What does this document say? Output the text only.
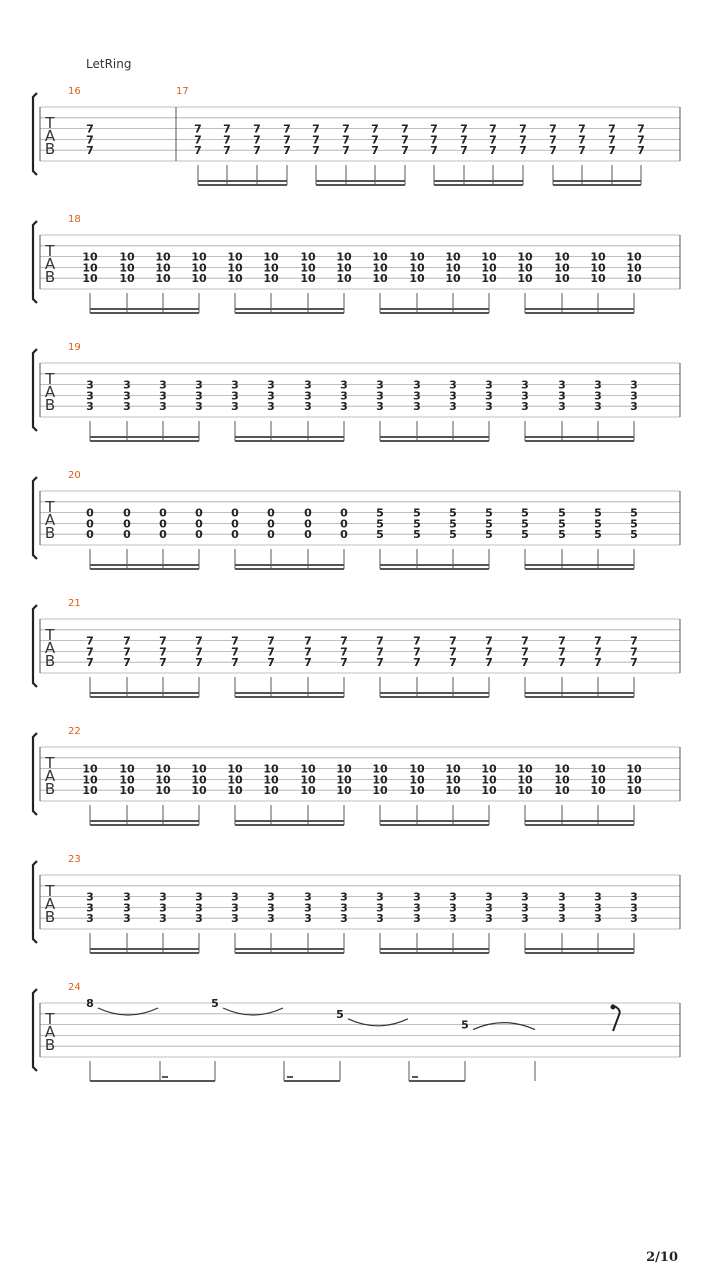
LetRing
T
A
B
16
7
7
7
17
7
7
7
7
7
7
7
7
7
7
7
7
7
7
7
7
7
7
7
7
7
7
7
7
7
7
7
7
7
7
7
7
7
7
7
7
7
7
7
7
7
7
7
7
7
7
7
7
T
A
B
18
10
10
10
10
10
10
10
10
10
10
10
10
10
10
10
10
10
10
10
10
10
10
10
10
10
10
10
10
10
10
10
10
10
10
10
10
10
10
10
10
10
10
10
10
10
10
10
10
T
A
B
19
3
3
3
3
3
3
3
3
3
3
3
3
3
3
3
3
3
3
3
3
3
3
3
3
3
3
3
3
3
3
3
3
3
3
3
3
3
3
3
3
3
3
3
3
3
3
3
3
T
A
B
20
0
0
0
0
0
0
0
0
0
0
0
0
0
0
0
0
0
0
0
0
0
0
0
0
5
5
5
5
5
5
5
5
5
5
5
5
5
5
5
5
5
5
5
5
5
5
5
5
T
A
B
21
7
7
7
7
7
7
7
7
7
7
7
7
7
7
7
7
7
7
7
7
7
7
7
7
7
7
7
7
7
7
7
7
7
7
7
7
7
7
7
7
7
7
7
7
7
7
7
7
T
A
B
22
10
10
10
10
10
10
10
10
10
10
10
10
10
10
10
10
10
10
10
10
10
10
10
10
10
10
10
10
10
10
10
10
10
10
10
10
10
10
10
10
10
10
10
10
10
10
10
10
T
A
B
23
3
3
3
3
3
3
3
3
3
3
3
3
3
3
3
3
3
3
3
3
3
3
3
3
3
3
3
3
3
3
3
3
3
3
3
3
3
3
3
3
3
3
3
3
3
3
3
3
T
A
B
24
8	5
5
5
2/10
